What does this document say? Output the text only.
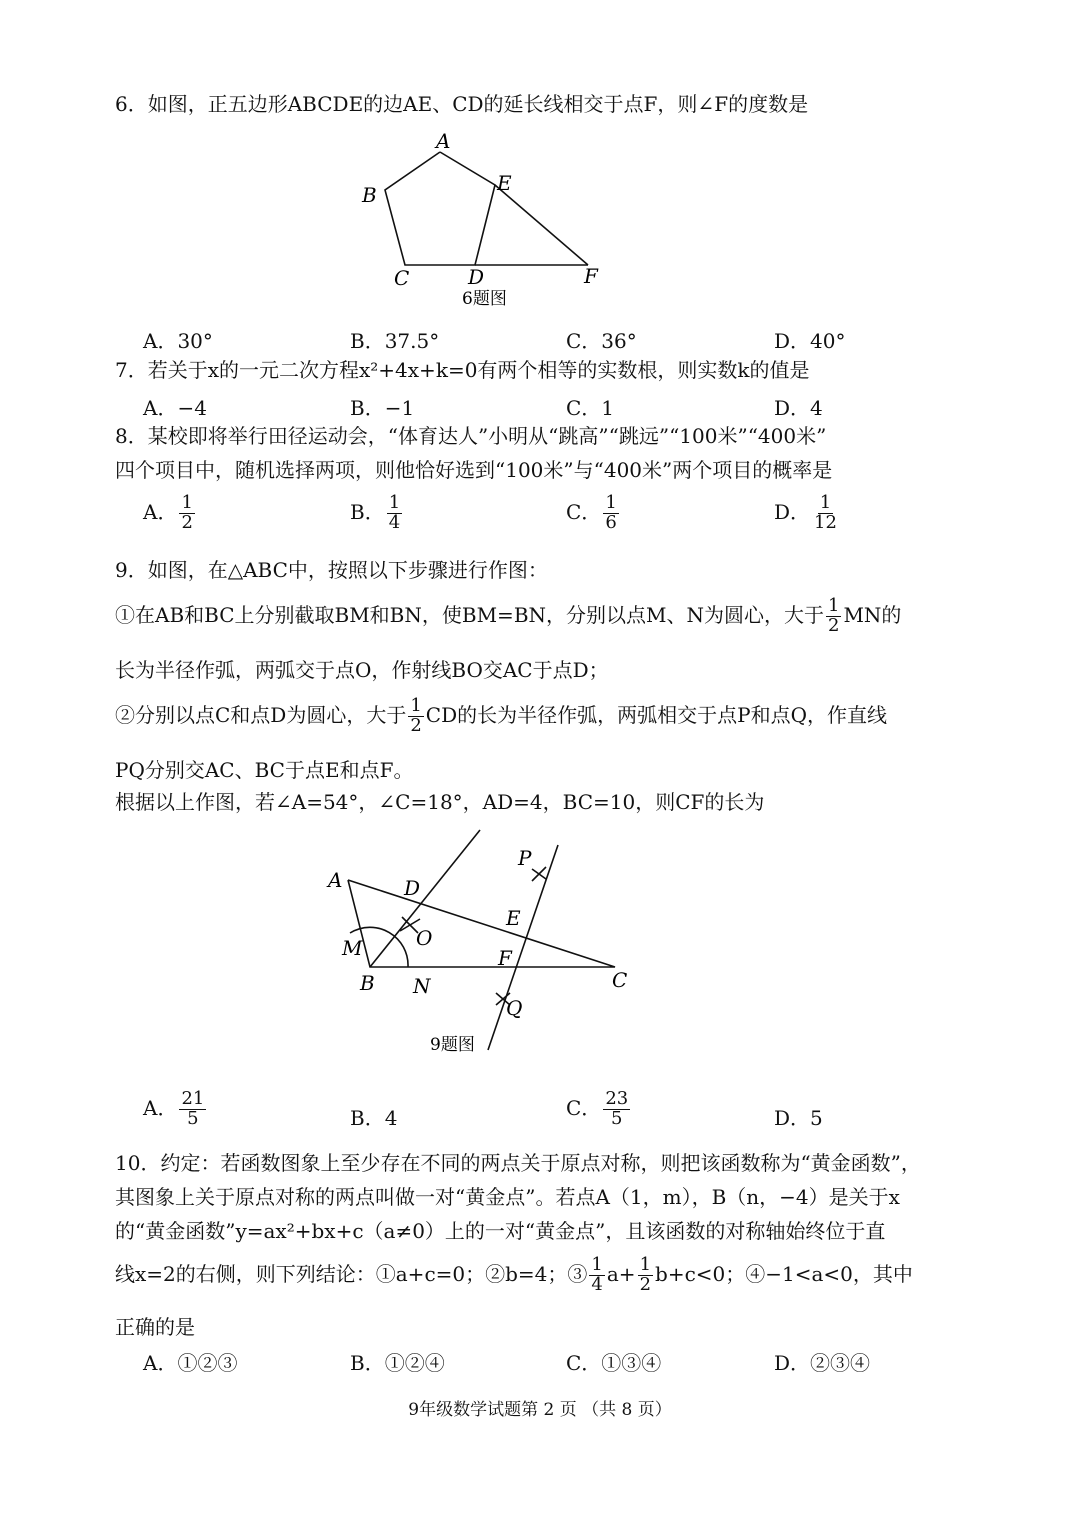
6．如图，正五边形ABCDE的边AE、CD的延长线相交于点F，则∠F的度数是
A
B
C	D
E
F
6题图
A．30°	B．37.5°	C．36°	D．40°
7．若关于x的一元二次方程x²+4x+k=0有两个相等的实数根，则实数k的值是
A．−4	B．−1	C．1	D．4
8．某校即将举行田径运动会，“体育达人”小明从“跳高”“跳远”“100米”“400米”
四个项目中，随机选择两项，则他恰好选到“100米”与“400米”两个项目的概率是
A． $\frac{1}{2}$	B． $\frac{1}{4}$	C． $\frac{1}{6}$	D． $\frac{1}{12}$
9．如图，在△ABC中，按照以下步骤进行作图：
①在AB和BC上分别截取BM和BN，使BM=BN，分别以点M、N为圆心，大于 $\frac{1}{2}$ MN的
长为半径作弧，两弧交于点O，作射线BO交AC于点D；
②分别以点C和点D为圆心，大于 $\frac{1}{2}$ CD的长为半径作弧，两弧相交于点P和点Q，作直线
PQ分别交AC、BC于点E和点F。
根据以上作图，若∠A=54°，∠C=18°，AD=4，BC=10，则CF的长为
A
B	C
D
E
F
M
N
O
P
Q
9题图
A． $\frac{21}{5}$	B．4	C． $\frac{23}{5}$	D．5
10．约定：若函数图象上至少存在不同的两点关于原点对称，则把该函数称为“黄金函数”，
其图象上关于原点对称的两点叫做一对“黄金点”。若点A（1，m），B（n，−4）是关于x
的“黄金函数”y=ax²+bx+c（a≠0）上的一对“黄金点”，且该函数的对称轴始终位于直
线x=2的右侧，则下列结论：①a+c=0；②b=4；③ $\frac{1}{4} a+ \frac{1}{2} b+c<0$；④−1<a<0，其中
正确的是
A．①②③	B．①②④	C．①③④	D．②③④
9年级数学试题第 2 页 （共 8 页）
